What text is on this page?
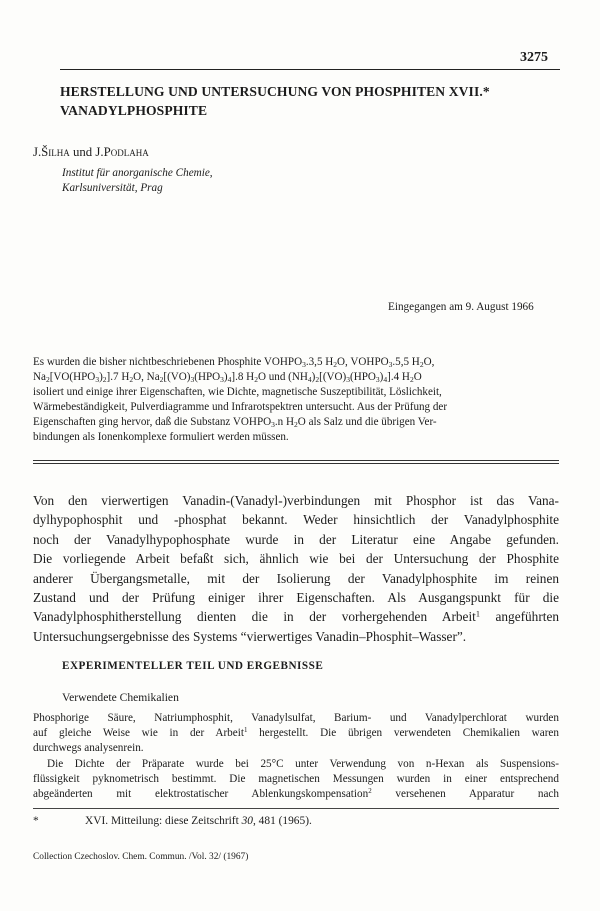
3275
HERSTELLUNG UND UNTERSUCHUNG VON PHOSPHITEN XVII.*
VANADYLPHOSPHITE
J.Šilha und J.Podlaha
Institut für anorganische Chemie,
Karlsuniversität, Prag
Eingegangen am 9. August 1966
Es wurden die bisher nichtbeschriebenen Phosphite $VOHPO_3.3,5$ $H_2O$, $VOHPO_3.5,5$ $H_2O$,
$Na_2[VO(HPO_3)_2].7$ $H_2O$, $Na_2[(VO)_3(HPO_3)_4].8$ $H_2O$ und $(NH_4)_2[(VO)_3(HPO_3)_4].4$ $H_2O$
isoliert und einige ihrer Eigenschaften, wie Dichte, magnetische Suszeptibilität, Löslichkeit,
Wärmebeständigkeit, Pulverdiagramme und Infrarotspektren untersucht. Aus der Prüfung der
Eigenschaften ging hervor, daß die Substanz $VOHPO_3.n$ $H_2O$ als Salz und die übrigen Ver-
bindungen als Ionenkomplexe formuliert werden müssen.
Von den vierwertigen Vanadin-(Vanadyl-)verbindungen mit Phosphor ist das Vana-
dylhypophosphit und -phosphat bekannt. Weder hinsichtlich der Vanadylphosphite
noch der Vanadylhypophosphate wurde in der Literatur eine Angabe gefunden.
Die vorliegende Arbeit befaßt sich, ähnlich wie bei der Untersuchung der Phosphite
anderer Übergangsmetalle, mit der Isolierung der Vanadylphosphite im reinen
Zustand und der Prüfung einiger ihrer Eigenschaften. Als Ausgangspunkt für die
Vanadylphosphitherstellung dienten die in der vorhergehenden Arbeit$^1$ angeführten
Untersuchungsergebnisse des Systems “vierwertiges Vanadin–Phosphit–Wasser”.
EXPERIMENTELLER TEIL UND ERGEBNISSE
Verwendete Chemikalien
Phosphorige Säure, Natriumphosphit, Vanadylsulfat, Barium- und Vanadylperchlorat wurden
auf gleiche Weise wie in der Arbeit$^1$ hergestellt. Die übrigen verwendeten Chemikalien waren
durchwegs analysenrein.
Die Dichte der Präparate wurde bei 25°C unter Verwendung von n-Hexan als Suspensions-
flüssigkeit pyknometrisch bestimmt. Die magnetischen Messungen wurden in einer entsprechend
abgeänderten mit elektrostatischer Ablenkungskompensation$^2$ versehenen Apparatur nach
*	XVI. Mitteilung: diese Zeitschrift 30, 481 (1965).
Collection Czechoslov. Chem. Commun. /Vol. 32/ (1967)
